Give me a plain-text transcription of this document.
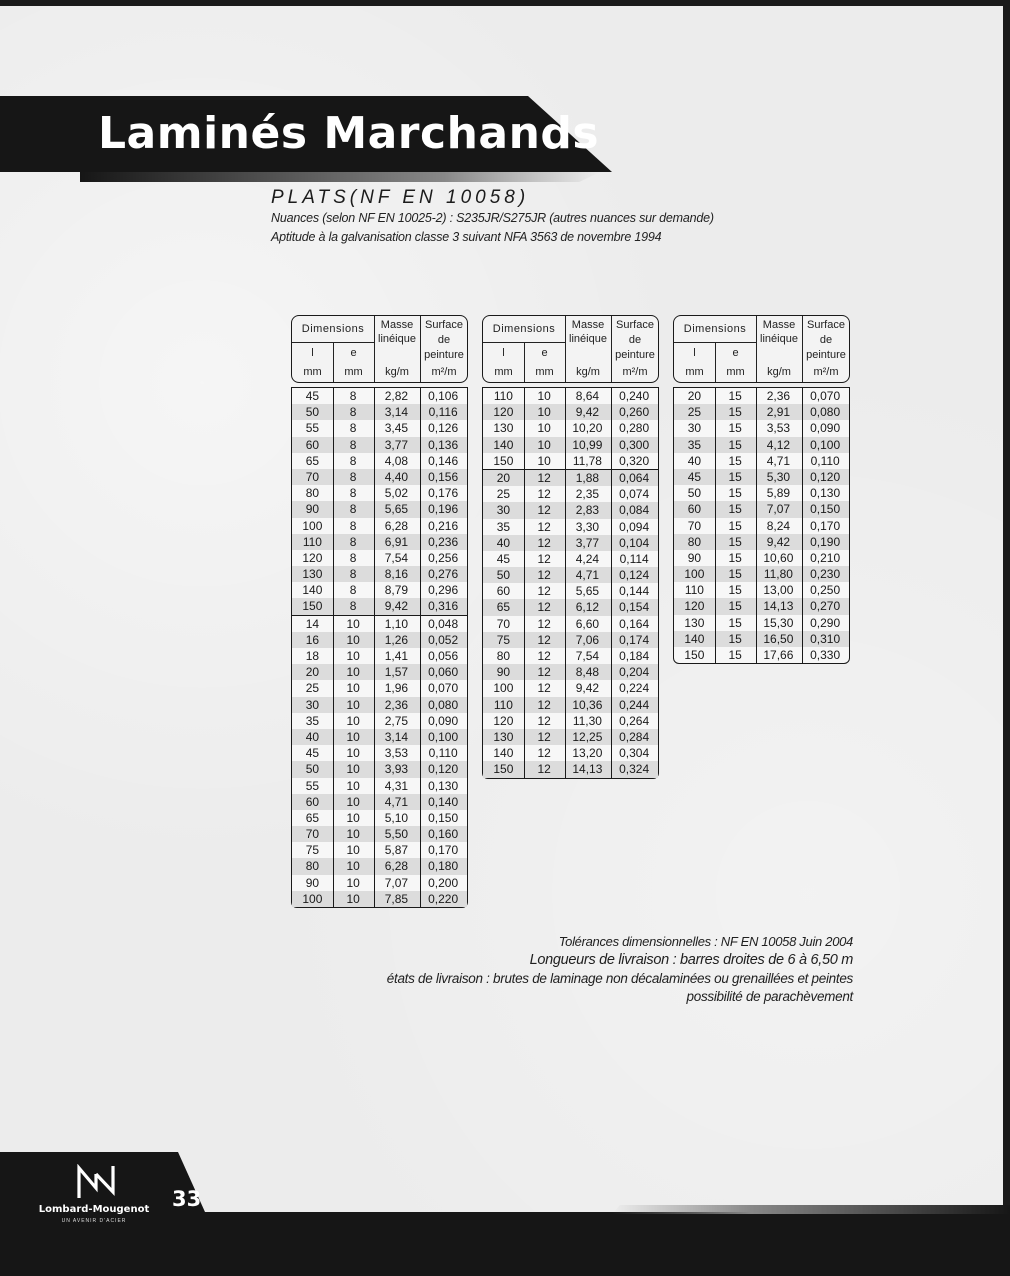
Laminés Marchands
PLATS(NF EN 10058)
Nuances (selon NF EN 10025-2) : S235JR/S275JR (autres nuances sur demande)
Aptitude à la galvanisation classe 3 suivant NFA 3563 de novembre 1994
Dimensions
l	e
mm	mm
Masse linéique
kg/m
Surface de peinture
m²/m
45	8	2,82	0,106
50	8	3,14	0,116
55	8	3,45	0,126
60	8	3,77	0,136
65	8	4,08	0,146
70	8	4,40	0,156
80	8	5,02	0,176
90	8	5,65	0,196
100	8	6,28	0,216
110	8	6,91	0,236
120	8	7,54	0,256
130	8	8,16	0,276
140	8	8,79	0,296
150	8	9,42	0,316
14	10	1,10	0,048
16	10	1,26	0,052
18	10	1,41	0,056
20	10	1,57	0,060
25	10	1,96	0,070
30	10	2,36	0,080
35	10	2,75	0,090
40	10	3,14	0,100
45	10	3,53	0,110
50	10	3,93	0,120
55	10	4,31	0,130
60	10	4,71	0,140
65	10	5,10	0,150
70	10	5,50	0,160
75	10	5,87	0,170
80	10	6,28	0,180
90	10	7,07	0,200
100	10	7,85	0,220
Dimensions
l	e
mm	mm
Masse linéique
kg/m
Surface de peinture
m²/m
110	10	8,64	0,240
120	10	9,42	0,260
130	10	10,20	0,280
140	10	10,99	0,300
150	10	11,78	0,320
20	12	1,88	0,064
25	12	2,35	0,074
30	12	2,83	0,084
35	12	3,30	0,094
40	12	3,77	0,104
45	12	4,24	0,114
50	12	4,71	0,124
60	12	5,65	0,144
65	12	6,12	0,154
70	12	6,60	0,164
75	12	7,06	0,174
80	12	7,54	0,184
90	12	8,48	0,204
100	12	9,42	0,224
110	12	10,36	0,244
120	12	11,30	0,264
130	12	12,25	0,284
140	12	13,20	0,304
150	12	14,13	0,324
Dimensions
l	e
mm	mm
Masse linéique
kg/m
Surface de peinture
m²/m
20	15	2,36	0,070
25	15	2,91	0,080
30	15	3,53	0,090
35	15	4,12	0,100
40	15	4,71	0,110
45	15	5,30	0,120
50	15	5,89	0,130
60	15	7,07	0,150
70	15	8,24	0,170
80	15	9,42	0,190
90	15	10,60	0,210
100	15	11,80	0,230
110	15	13,00	0,250
120	15	14,13	0,270
130	15	15,30	0,290
140	15	16,50	0,310
150	15	17,66	0,330
Tolérances dimensionnelles : NF EN 10058 Juin 2004
Longueurs de livraison : barres droites de 6 à 6,50 m
états de livraison : brutes de laminage non décalaminées ou grenaillées et peintes
possibilité de parachèvement
Lombard-Mougenot
UN AVENIR D'ACIER
33
